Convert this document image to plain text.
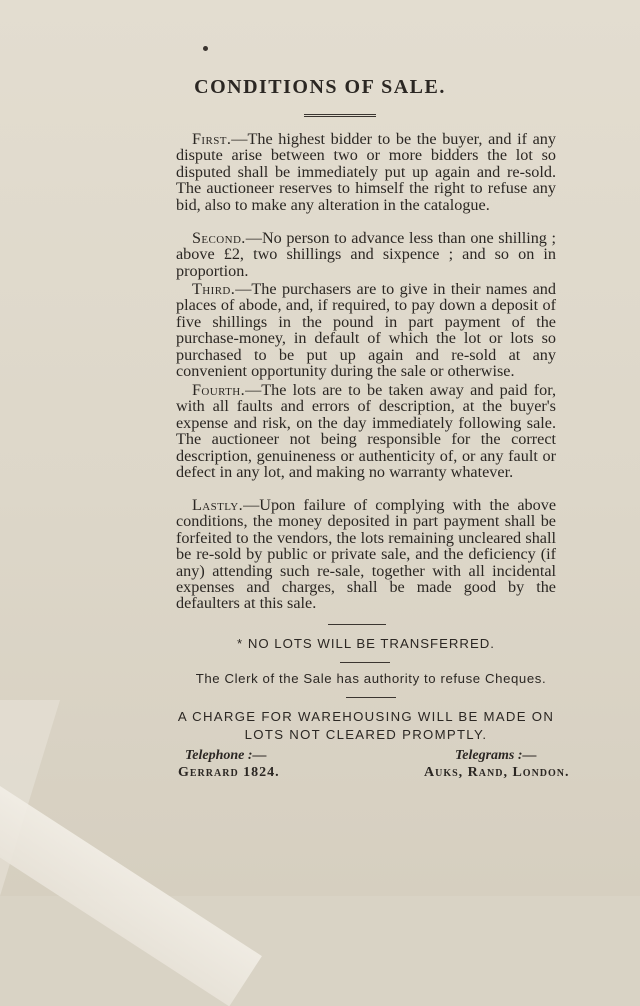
CONDITIONS OF SALE.

First.—The highest bidder to be the buyer, and if any dispute arise between two or more bidders the lot so disputed shall be immediately put up again and re-sold. The auctioneer reserves to himself the right to refuse any bid, also to make any alteration in the catalogue.

Second.—No person to advance less than one shilling ; above £2, two shillings and sixpence ; and so on in proportion.

Third.—The purchasers are to give in their names and places of abode, and, if required, to pay down a deposit of five shillings in the pound in part payment of the purchase-money, in default of which the lot or lots so purchased to be put up again and re-sold at any convenient opportunity during the sale or otherwise.

Fourth.—The lots are to be taken away and paid for, with all faults and errors of description, at the buyer's expense and risk, on the day immediately following sale. The auctioneer not being responsible for the correct description, genuineness or authenticity of, or any fault or defect in any lot, and making no warranty whatever.

Lastly.—Upon failure of complying with the above conditions, the money deposited in part payment shall be forfeited to the vendors, the lots remaining uncleared shall be re-sold by public or private sale, and the deficiency (if any) attending such re-sale, together with all incidental expenses and charges, shall be made good by the defaulters at this sale.

* NO LOTS WILL BE TRANSFERRED.
The Clerk of the Sale has authority to refuse Cheques.
A CHARGE FOR WAREHOUSING WILL BE MADE ON LOTS NOT CLEARED PROMPTLY.
Telephone :—
Gerrard 1824.
Telegrams :—
Auks, Rand, London.
